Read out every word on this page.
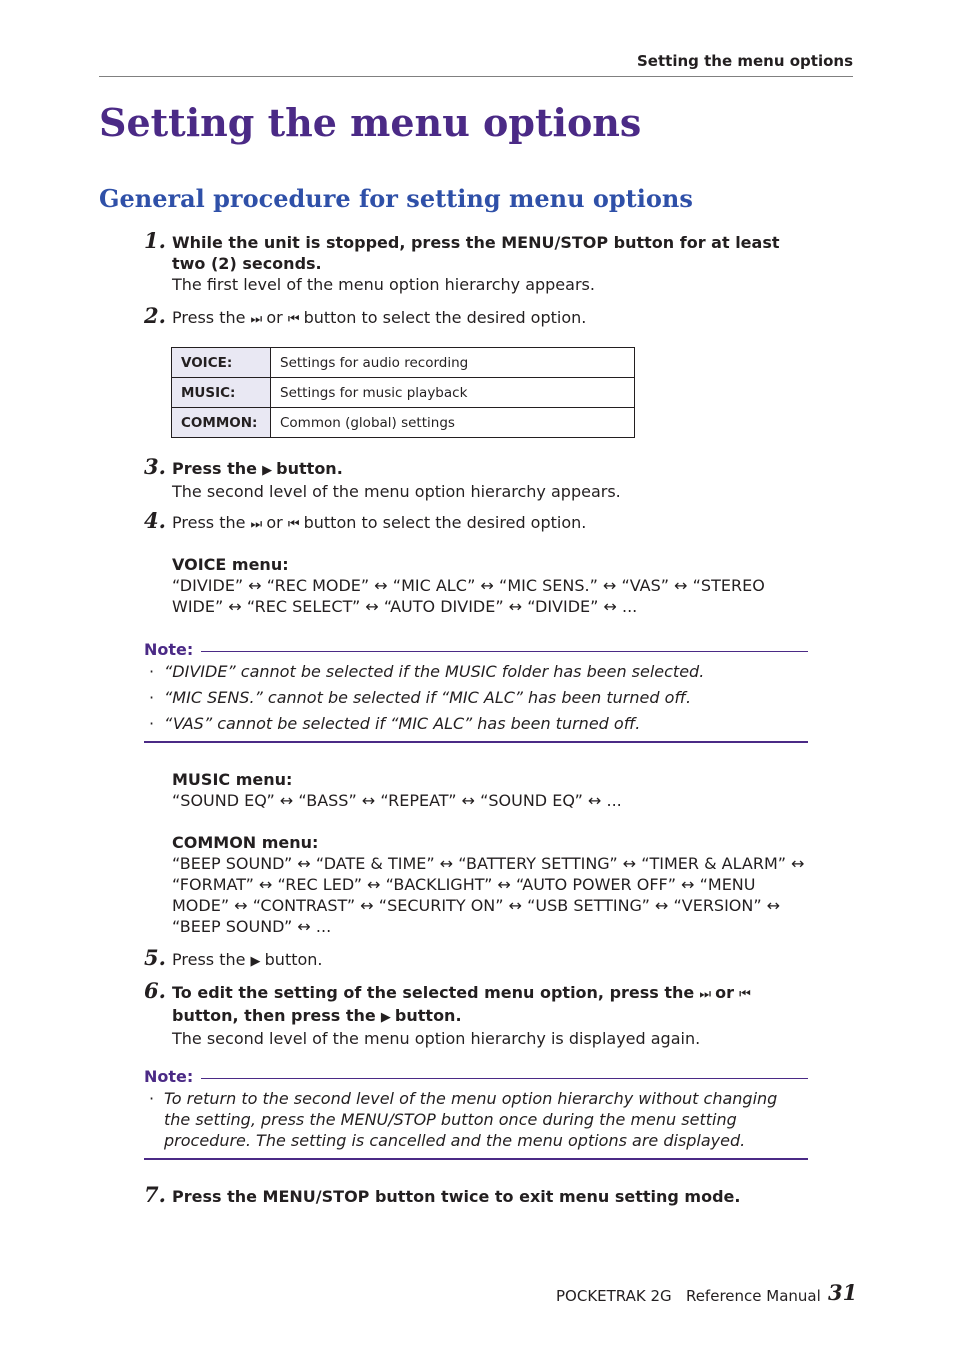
Setting the menu options
Setting the menu options
General procedure for setting menu options
1. While the unit is stopped, press the MENU/STOP button for at least two (2) seconds.
The first level of the menu option hierarchy appears.
2. Press the ⏭ or ⏮ button to select the desired option.
VOICE:	Settings for audio recording
MUSIC:	Settings for music playback
COMMON:	Common (global) settings
3. Press the ▶ button.
The second level of the menu option hierarchy appears.
4. Press the ⏭ or ⏮ button to select the desired option.
VOICE menu:
“DIVIDE” ↔ “REC MODE” ↔ “MIC ALC” ↔ “MIC SENS.” ↔ “VAS” ↔ “STEREO WIDE” ↔ “REC SELECT” ↔ “AUTO DIVIDE” ↔ “DIVIDE” ↔ ...
Note:
· “DIVIDE” cannot be selected if the MUSIC folder has been selected.
· “MIC SENS.” cannot be selected if “MIC ALC” has been turned off.
· “VAS” cannot be selected if “MIC ALC” has been turned off.
MUSIC menu:
“SOUND EQ” ↔ “BASS” ↔ “REPEAT” ↔ “SOUND EQ” ↔ ...
COMMON menu:
“BEEP SOUND” ↔ “DATE & TIME” ↔ “BATTERY SETTING” ↔ “TIMER & ALARM” ↔ “FORMAT” ↔ “REC LED” ↔ “BACKLIGHT” ↔ “AUTO POWER OFF” ↔ “MENU MODE” ↔ “CONTRAST” ↔ “SECURITY ON” ↔ “USB SETTING” ↔ “VERSION” ↔ “BEEP SOUND” ↔ ...
5. Press the ▶ button.
6. To edit the setting of the selected menu option, press the ⏭ or ⏮ button, then press the ▶ button.
The second level of the menu option hierarchy is displayed again.
Note:
· To return to the second level of the menu option hierarchy without changing the setting, press the MENU/STOP button once during the menu setting procedure. The setting is cancelled and the menu options are displayed.
7. Press the MENU/STOP button twice to exit menu setting mode.
POCKETRAK 2G   Reference Manual 31
